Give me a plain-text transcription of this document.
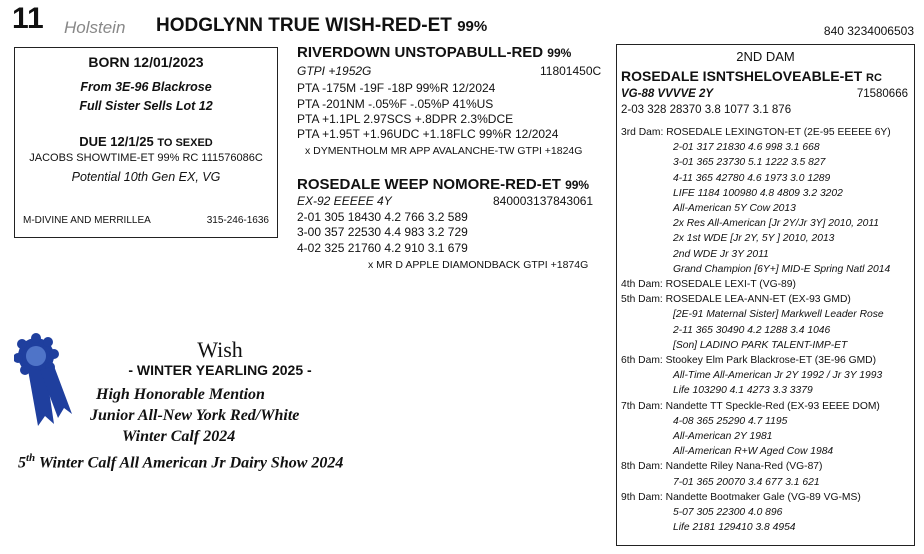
11 Holstein HODGLYNN TRUE WISH-RED-ET 99%	840 3234006503
BORN 12/01/2023
From 3E-96 Blackrose
Full Sister Sells Lot 12
DUE 12/1/25 TO SEXED
JACOBS SHOWTIME-ET 99% RC 111576086C
Potential 10th Gen EX, VG
M-DIVINE AND MERRILLEA	315-246-1636
RIVERDOWN UNSTOPABULL-RED 99%
GTPI +1952G	11801450C
PTA -175M -19F -18P 99%R 12/2024
PTA -201NM -.05%F -.05%P 41%US
PTA +1.1PL 2.97SCS +.8DPR 2.3%DCE
PTA +1.95T +1.96UDC +1.18FLC 99%R 12/2024
x DYMENTHOLM MR APP AVALANCHE-TW GTPI +1824G
ROSEDALE WEEP NOMORE-RED-ET 99%
EX-92 EEEEE 4Y	840003137843061
2-01 305 18430 4.2 766 3.2 589
3-00 357 22530 4.4 983 3.2 729
4-02 325 21760 4.2 910 3.1 679
x MR D APPLE DIAMONDBACK GTPI +1874G
Wish
- WINTER YEARLING 2025 -
High Honorable Mention
Junior All-New York Red/White
Winter Calf 2024
5th Winter Calf All American Jr Dairy Show 2024
2ND DAM
ROSEDALE ISNTSHELOVEABLE-ET RC
VG-88 VVVVE 2Y	71580666
2-03 328 28370 3.8 1077 3.1 876
3rd Dam: ROSEDALE LEXINGTON-ET (2E-95 EEEEE 6Y)
2-01 317 21830 4.6 998 3.1 668
3-01 365 23730 5.1 1222 3.5 827
4-11 365 42780 4.6 1973 3.0 1289
LIFE 1184 100980 4.8 4809 3.2 3202
All-American 5Y Cow 2013
2x Res All-American [Jr 2Y/Jr 3Y] 2010, 2011
2x 1st WDE [Jr 2Y, 5Y ] 2010, 2013
2nd WDE Jr 3Y 2011
Grand Champion [6Y+] MID-E Spring Natl 2014
4th Dam: ROSEDALE LEXI-T (VG-89)
5th Dam: ROSEDALE LEA-ANN-ET (EX-93 GMD)
[2E-91 Maternal Sister] Markwell Leader Rose
2-11 365 30490 4.2 1288 3.4 1046
[Son] LADINO PARK TALENT-IMP-ET
6th Dam: Stookey Elm Park Blackrose-ET (3E-96 GMD)
All-Time All-American Jr 2Y 1992 / Jr 3Y 1993
Life 103290 4.1 4273 3.3 3379
7th Dam: Nandette TT Speckle-Red (EX-93 EEEE DOM)
4-08 365 25290 4.7 1195
All-American 2Y 1981
All-American R+W Aged Cow 1984
8th Dam: Nandette Riley Nana-Red (VG-87)
7-01 365 20070 3.4 677 3.1 621
9th Dam: Nandette Bootmaker Gale (VG-89 VG-MS)
5-07 305 22300 4.0 896
Life 2181 129410 3.8 4954
